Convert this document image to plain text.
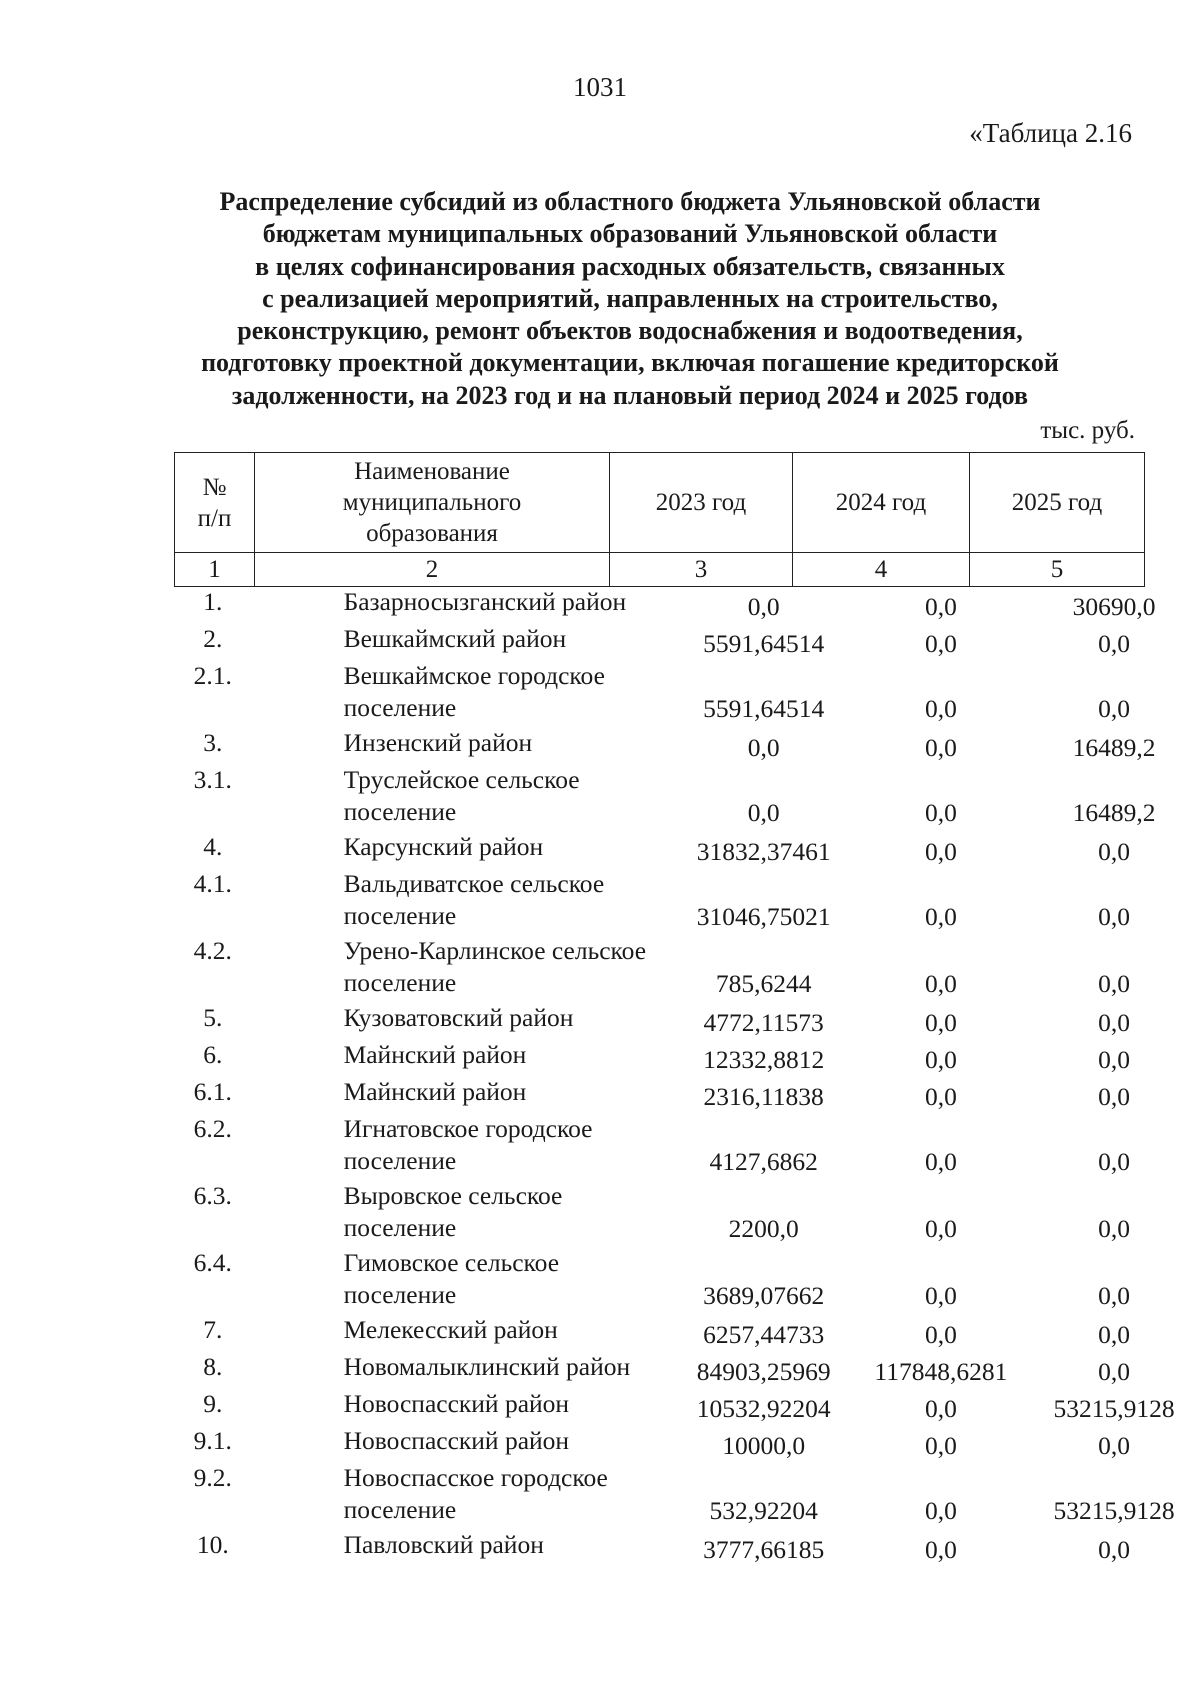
1031
«Таблица 2.16
Распределение субсидий из областного бюджета Ульяновской области
бюджетам муниципальных образований Ульяновской области
в целях софинансирования расходных обязательств, связанных
с реализацией мероприятий, направленных на строительство,
реконструкцию, ремонт объектов водоснабжения и водоотведения,
подготовку проектной документации, включая погашение кредиторской
задолженности, на 2023 год и на плановый период 2024 и 2025 годов
тыс. руб.
№ п/п	Наименование муниципального образования	2023 год	2024 год	2025 год
1	2	3	4	5
1.	Базарносызганский район	0,0	0,0	30690,0
2.	Вешкаймский район	5591,64514	0,0	0,0
2.1.	Вешкаймское городское поселение	5591,64514	0,0	0,0
3.	Инзенский район	0,0	0,0	16489,2
3.1.	Труслейское сельское поселение	0,0	0,0	16489,2
4.	Карсунский район	31832,37461	0,0	0,0
4.1.	Вальдиватское сельское поселение	31046,75021	0,0	0,0
4.2.	Урено-Карлинское сельское поселение	785,6244	0,0	0,0
5.	Кузоватовский район	4772,11573	0,0	0,0
6.	Майнский район	12332,8812	0,0	0,0
6.1.	Майнский район	2316,11838	0,0	0,0
6.2.	Игнатовское городское поселение	4127,6862	0,0	0,0
6.3.	Выровское сельское поселение	2200,0	0,0	0,0
6.4.	Гимовское сельское поселение	3689,07662	0,0	0,0
7.	Мелекесский район	6257,44733	0,0	0,0
8.	Новомалыклинский район	84903,25969	117848,6281	0,0
9.	Новоспасский район	10532,92204	0,0	53215,9128
9.1.	Новоспасский район	10000,0	0,0	0,0
9.2.	Новоспасское городское поселение	532,92204	0,0	53215,9128
10.	Павловский район	3777,66185	0,0	0,0
